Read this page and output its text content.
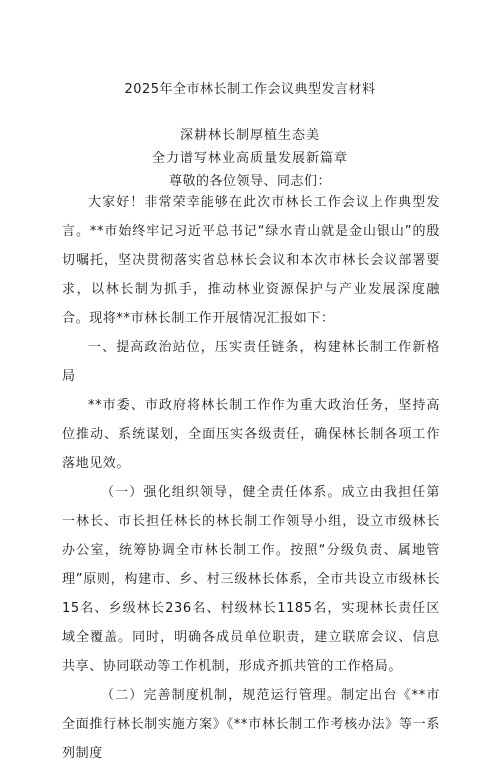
2025年全市林长制工作会议典型发言材料
深耕林长制厚植生态美
全力谱写林业高质量发展新篇章
尊敬的各位领导、同志们：

大家好！非常荣幸能够在此次市林长工作会议上作典型发言。**市始终牢记习近平总书记“绿水青山就是金山银山”的殷切嘱托，坚决贯彻落实省总林长会议和本次市林长会议部署要求，以林长制为抓手，推动林业资源保护与产业发展深度融合。现将**市林长制工作开展情况汇报如下：

一、提高政治站位，压实责任链条，构建林长制工作新格局

**市委、市政府将林长制工作作为重大政治任务，坚持高位推动、系统谋划，全面压实各级责任，确保林长制各项工作落地见效。

（一）强化组织领导，健全责任体系。成立由我担任第一林长、市长担任林长的林长制工作领导小组，设立市级林长办公室，统筹协调全市林长制工作。按照“分级负责、属地管理”原则，构建市、乡、村三级林长体系，全市共设立市级林长15名、乡级林长236名、村级林长1185名，实现林长责任区域全覆盖。同时，明确各成员单位职责，建立联席会议、信息共享、协同联动等工作机制，形成齐抓共管的工作格局。

（二）完善制度机制，规范运行管理。制定出台《**市全面推行林长制实施方案》《**市林长制工作考核办法》等一系列制度
